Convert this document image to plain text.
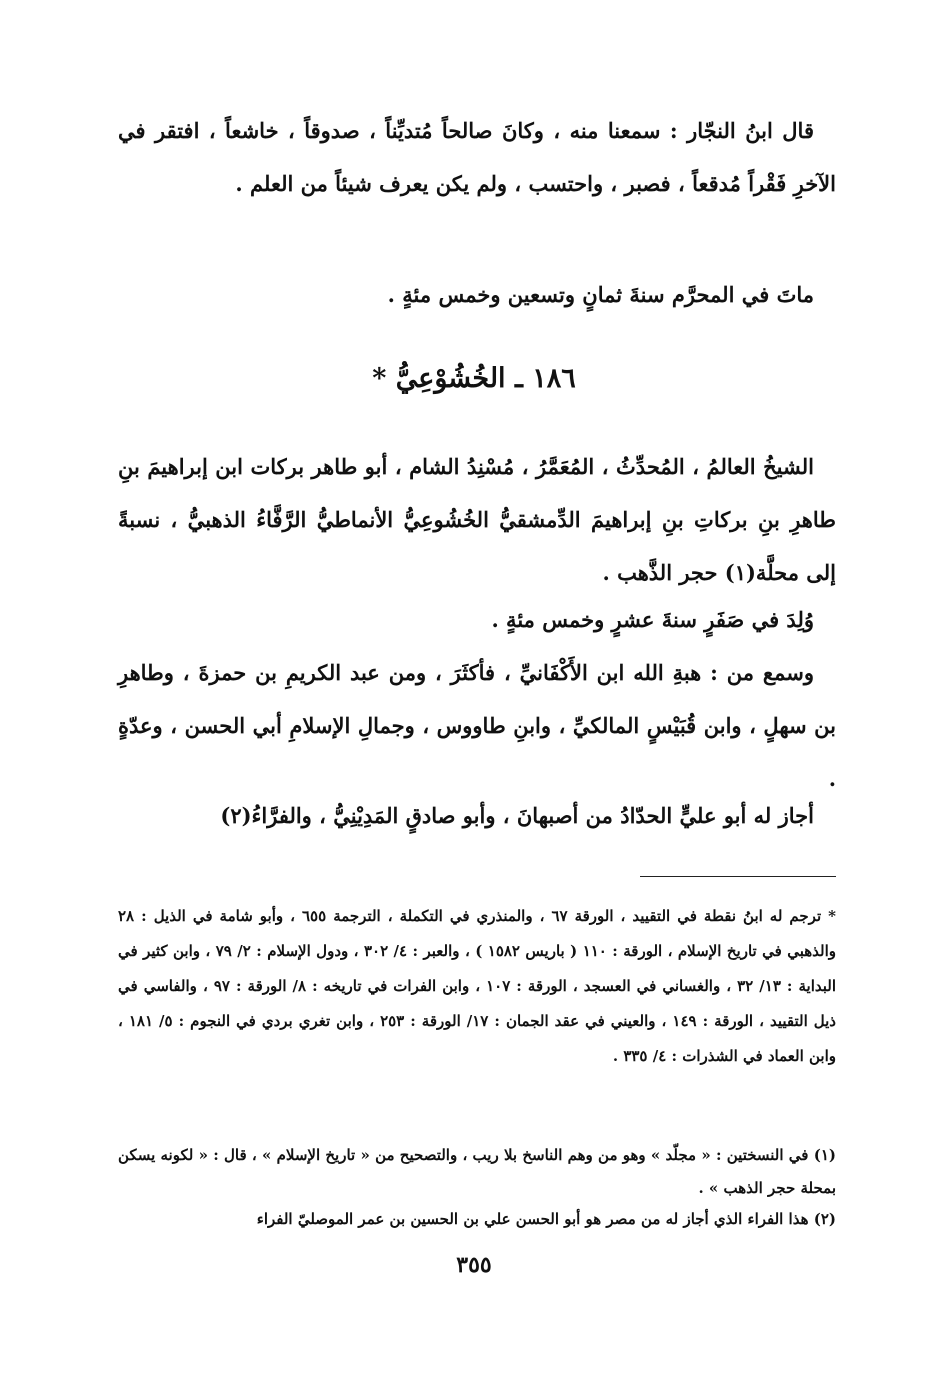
قال ابنُ النجّار : سمعنا منه ، وكانَ صالحاً مُتديِّناً ، صدوقاً ، خاشعاً ، افتقر في الآخرِ فَقْراً مُدقعاً ، فصبر ، واحتسب ، ولم يكن يعرف شيئاً من العلم .

ماتَ في المحرَّم سنةَ ثمانٍ وتسعين وخمس مئةٍ .

١٨٦ ـ الخُشُوْعِيُّ *

الشيخُ العالمُ ، المُحدِّثُ ، المُعَمَّرُ ، مُسْنِدُ الشام ، أبو طاهر بركات ابن إبراهيمَ بنِ طاهرِ بنِ بركاتِ بنِ إبراهيمَ الدِّمشقيُّ الخُشُوعِيُّ الأنماطيُّ الرَّفَّاءُ الذهبيُّ ، نسبةً إلى محلَّة(١) حجر الذَّهب .

وُلِدَ في صَفَرٍ سنةَ عشرٍ وخمس مئةٍ .

وسمع من : هبةِ الله ابن الأَكْفَانيِّ ، فأكثَرَ ، ومن عبد الكريمِ بن حمزةَ ، وطاهرِ بن سهلٍ ، وابن قُبَيْسٍ المالكيِّ ، وابنِ طاووس ، وجمالِ الإسلامِ أبي الحسن ، وعدّةٍ .

أجاز له أبو عليٍّ الحدّادُ من أصبهانَ ، وأبو صادقٍ المَدِيْنِيُّ ، والفرَّاءُ(٢)

* ترجم له ابنُ نقطة في التقييد ، الورقة ٦٧ ، والمنذري في التكملة ، الترجمة ٦٥٥ ، وأبو شامة في الذيل : ٢٨ والذهبي في تاريخ الإسلام ، الورقة : ١١٠ ( باريس ١٥٨٢ ) ، والعبر : ٤/ ٣٠٢ ، ودول الإسلام : ٢/ ٧٩ ، وابن كثير في البداية : ١٣/ ٣٢ ، والغساني في العسجد ، الورقة : ١٠٧ ، وابن الفرات في تاريخه : ٨/ الورقة : ٩٧ ، والفاسي في ذيل التقييد ، الورقة : ١٤٩ ، والعيني في عقد الجمان : ١٧/ الورقة : ٢٥٣ ، وابن تغري بردي في النجوم : ٥/ ١٨١ ، وابن العماد في الشذرات : ٤/ ٣٣٥ .

(١) في النسختين : « مجلّد » وهو من وهم الناسخ بلا ريب ، والتصحيح من « تاريخ الإسلام » ، قال : « لكونه يسكن بمحلة حجر الذهب » .

(٢) هذا الفراء الذي أجاز له من مصر هو أبو الحسن علي بن الحسين بن عمر الموصليّ الفراء

٣٥٥
